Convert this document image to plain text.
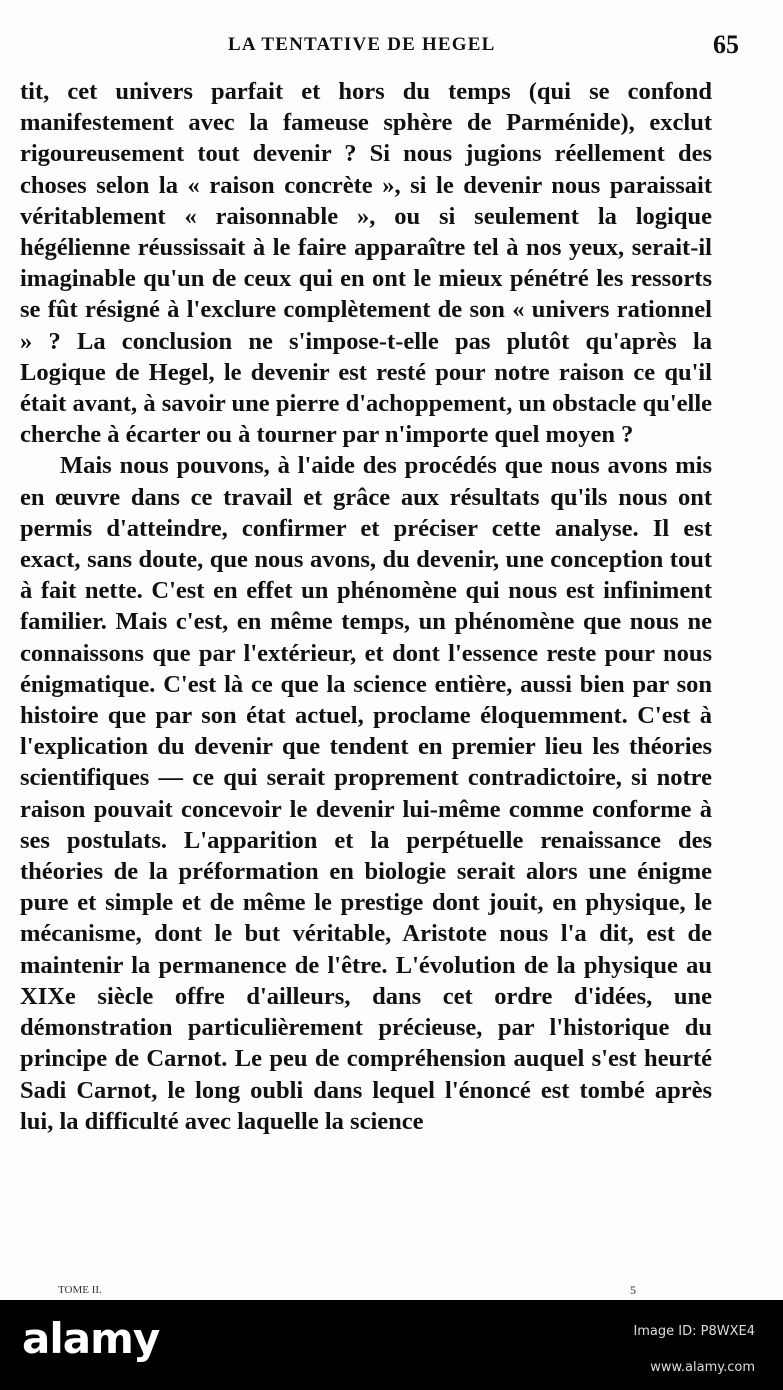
LA TENTATIVE DE HEGEL	65

tit, cet univers parfait et hors du temps (qui se confond manifestement avec la fameuse sphère de Parménide), exclut rigoureusement tout devenir ? Si nous jugions réellement des choses selon la « raison concrète », si le devenir nous paraissait véritablement « raisonnable », ou si seulement la logique hégélienne réussissait à le faire apparaître tel à nos yeux, serait-il imaginable qu'un de ceux qui en ont le mieux pénétré les ressorts se fût résigné à l'exclure complètement de son « univers rationnel » ? La conclusion ne s'impose-t-elle pas plutôt qu'après la Logique de Hegel, le devenir est resté pour notre raison ce qu'il était avant, à savoir une pierre d'achoppement, un obstacle qu'elle cherche à écarter ou à tourner par n'importe quel moyen ?

Mais nous pouvons, à l'aide des procédés que nous avons mis en œuvre dans ce travail et grâce aux résultats qu'ils nous ont permis d'atteindre, confirmer et préciser cette analyse. Il est exact, sans doute, que nous avons, du devenir, une conception tout à fait nette. C'est en effet un phénomène qui nous est infiniment familier. Mais c'est, en même temps, un phénomène que nous ne connaissons que par l'extérieur, et dont l'essence reste pour nous énigmatique. C'est là ce que la science entière, aussi bien par son histoire que par son état actuel, proclame éloquemment. C'est à l'explication du devenir que tendent en premier lieu les théories scientifiques — ce qui serait proprement contradictoire, si notre raison pouvait concevoir le devenir lui-même comme conforme à ses postulats. L'apparition et la perpétuelle renaissance des théories de la préformation en biologie serait alors une énigme pure et simple et de même le prestige dont jouit, en physique, le mécanisme, dont le but véritable, Aristote nous l'a dit, est de maintenir la permanence de l'être. L'évolution de la physique au XIXe siècle offre d'ailleurs, dans cet ordre d'idées, une démonstration particulièrement précieuse, par l'historique du principe de Carnot. Le peu de compréhension auquel s'est heurté Sadi Carnot, le long oubli dans lequel l'énoncé est tombé après lui, la difficulté avec laquelle la science

TOME II.	5
alamy	Image ID: P8WXE4
www.alamy.com
